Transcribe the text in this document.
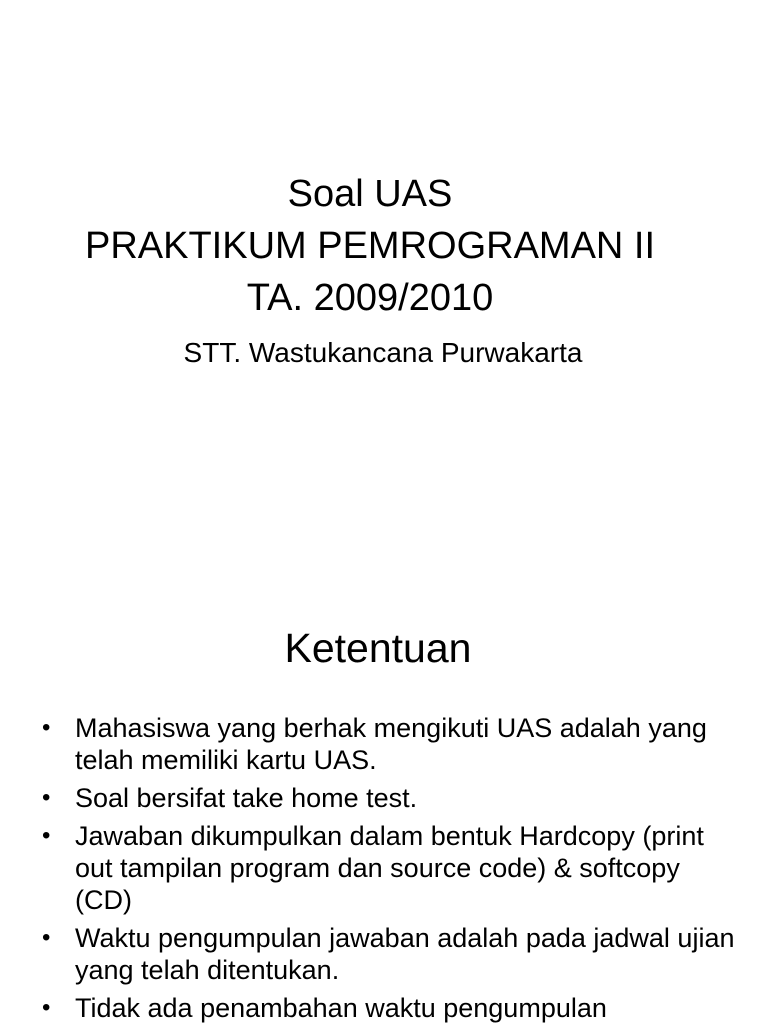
Soal UAS
PRAKTIKUM PEMROGRAMAN II
TA. 2009/2010
STT. Wastukancana Purwakarta
Ketentuan
• Mahasiswa yang berhak mengikuti UAS adalah yang telah memiliki kartu UAS.
• Soal bersifat take home test.
• Jawaban dikumpulkan dalam bentuk Hardcopy (print out tampilan program dan source code) & softcopy (CD)
• Waktu pengumpulan jawaban adalah pada jadwal ujian yang telah ditentukan.
• Tidak ada penambahan waktu pengumpulan
